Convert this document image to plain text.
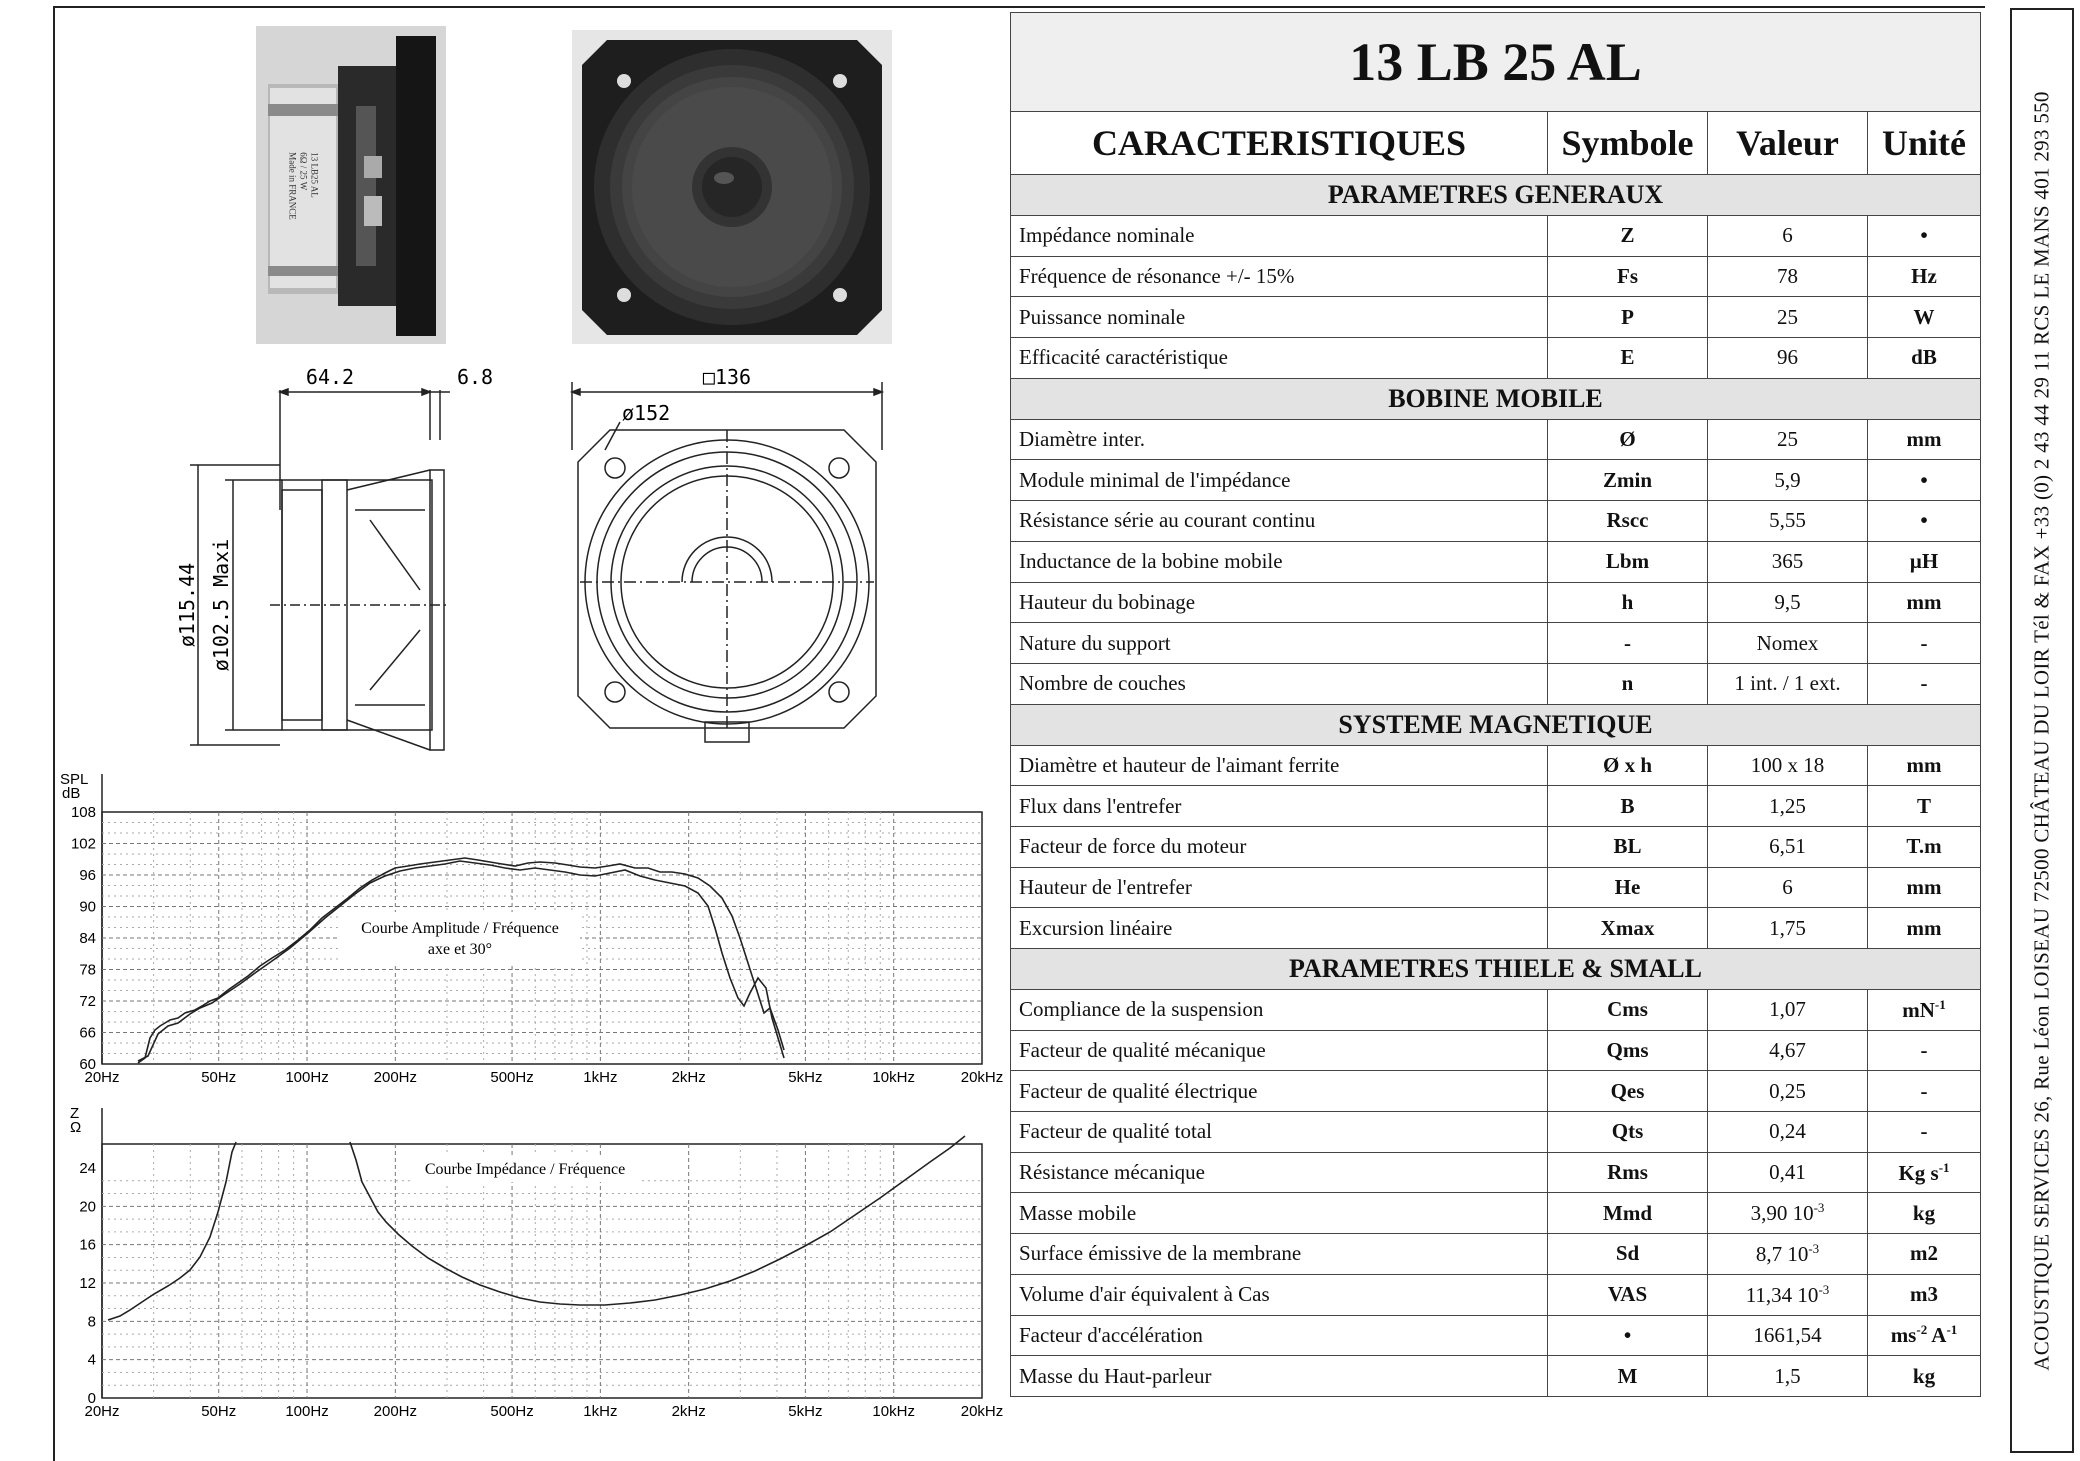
ACOUSTIQUE SERVICES 26, Rue Léon LOISEAU 72500 CHÂTEAU DU LOIR Tél & FAX +33 (0) 2 43 44 29 11 RCS LE MANS 401 293 550
13 LB25 AL
6Ω / 25 W
Made in FRANCE
64.2	6.8
ø115.44 ø102.5 Maxi
□136
ø152
SPL
dB
108
102
96
90
84
78
72
66
60
20Hz	50Hz	100Hz	200Hz	500Hz	1kHz	2kHz	5kHz	10kHz	20kHz
Courbe Amplitude / Fréquence
axe et 30°
Z
Ω
24
20
16
12
8
4
0
20Hz	50Hz	100Hz	200Hz	500Hz	1kHz	2kHz	5kHz	10kHz	20kHz
Courbe Impédance / Fréquence
13 LB 25 AL			
CARACTERISTIQUES	Symbole	Valeur	Unité
PARAMETRES GENERAUX			
Impédance nominale	Z	6	•
Fréquence de résonance +/- 15%	Fs	78	Hz
Puissance nominale	P	25	W
Efficacité caractéristique	E	96	dB
BOBINE MOBILE			
Diamètre inter.	Ø	25	mm
Module minimal de l'impédance	Zmin	5,9	•
Résistance série au courant continu	Rscc	5,55	•
Inductance de la bobine mobile	Lbm	365	µH
Hauteur du bobinage	h	9,5	mm
Nature du support	-	Nomex	-
Nombre de couches	n	1 int. / 1 ext.	-
SYSTEME MAGNETIQUE			
Diamètre et hauteur de l'aimant ferrite	Ø x h	100 x 18	mm
Flux dans l'entrefer	B	1,25	T
Facteur de force du moteur	BL	6,51	T.m
Hauteur de l'entrefer	He	6	mm
Excursion linéaire	Xmax	1,75	mm
PARAMETRES THIELE & SMALL			
Compliance de la suspension	Cms	1,07	$mN^{-1}$
Facteur de qualité mécanique	Qms	4,67	-
Facteur de qualité électrique	Qes	0,25	-
Facteur de qualité total	Qts	0,24	-
Résistance mécanique	Rms	0,41	Kg $s^{-1}$
Masse mobile	Mmd	3,90 $10^{-3}$	kg
Surface émissive de la membrane	Sd	8,7 $10^{-3}$	m2
Volume d'air équivalent à Cas	VAS	11,34 $10^{-3}$	m3
Facteur d'accélération	•	1661,54	$ms^{-2}$ $A^{-1}$
Masse du Haut-parleur	M	1,5	kg
